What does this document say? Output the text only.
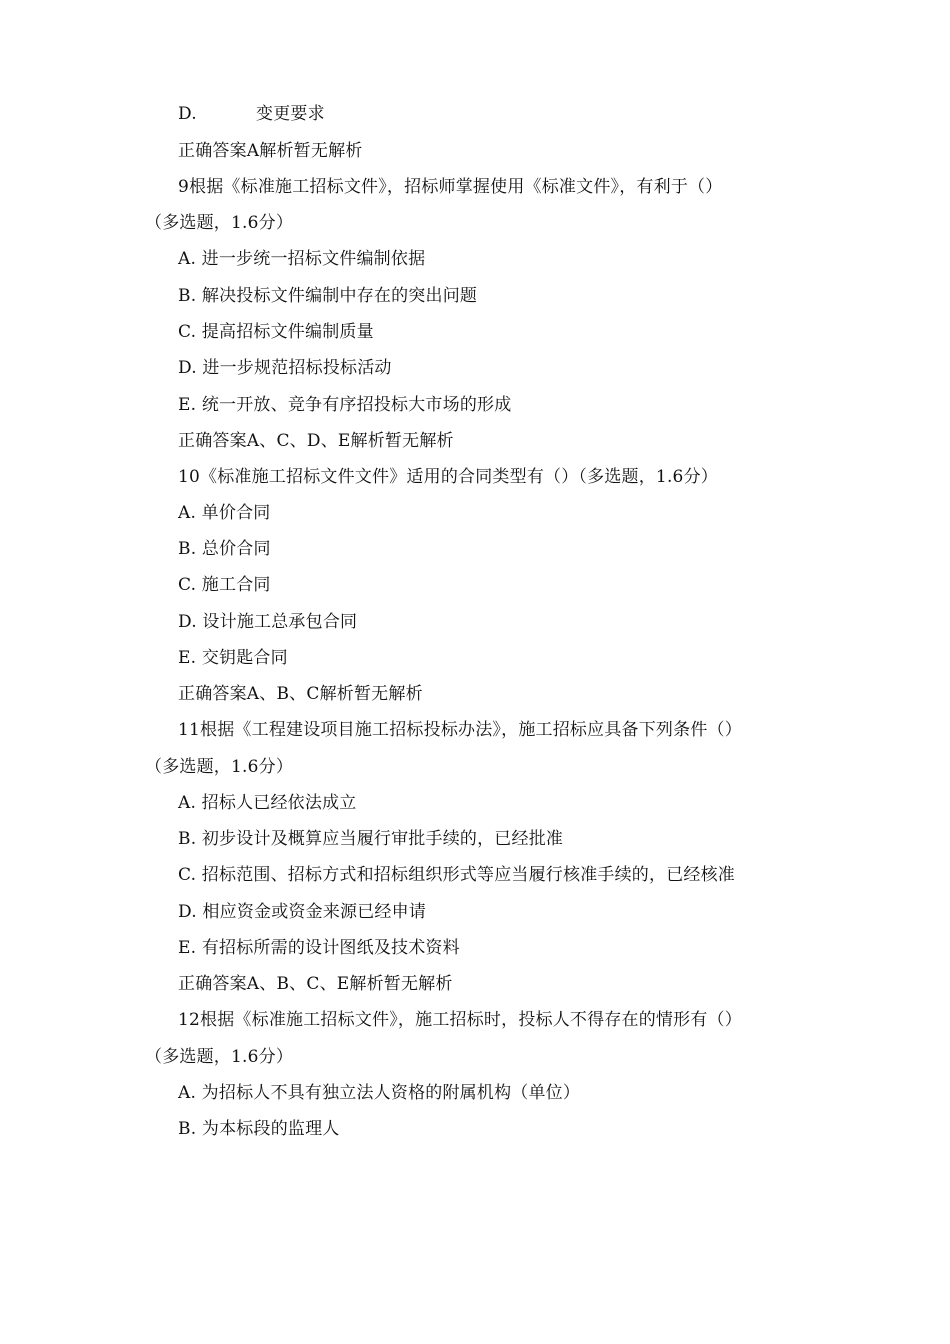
D.	变更要求
正确答案A解析暂无解析
9根据《标准施工招标文件》，招标师掌握使用《标准文件》，有利于（）
（多选题，1.6分）
A. 进一步统一招标文件编制依据
B. 解决投标文件编制中存在的突出问题
C. 提高招标文件编制质量
D. 进一步规范招标投标活动
E. 统一开放、竞争有序招投标大市场的形成
正确答案A、C、D、E解析暂无解析
10《标准施工招标文件文件》适用的合同类型有（）（多选题，1.6分）
A. 单价合同
B. 总价合同
C. 施工合同
D. 设计施工总承包合同
E. 交钥匙合同
正确答案A、B、C解析暂无解析
11根据《工程建设项目施工招标投标办法》，施工招标应具备下列条件（）
（多选题，1.6分）
A. 招标人已经依法成立
B. 初步设计及概算应当履行审批手续的，已经批准
C. 招标范围、招标方式和招标组织形式等应当履行核准手续的，已经核准
D. 相应资金或资金来源已经申请
E. 有招标所需的设计图纸及技术资料
正确答案A、B、C、E解析暂无解析
12根据《标准施工招标文件》，施工招标时，投标人不得存在的情形有（）
（多选题，1.6分）
A. 为招标人不具有独立法人资格的附属机构（单位）
B. 为本标段的监理人
